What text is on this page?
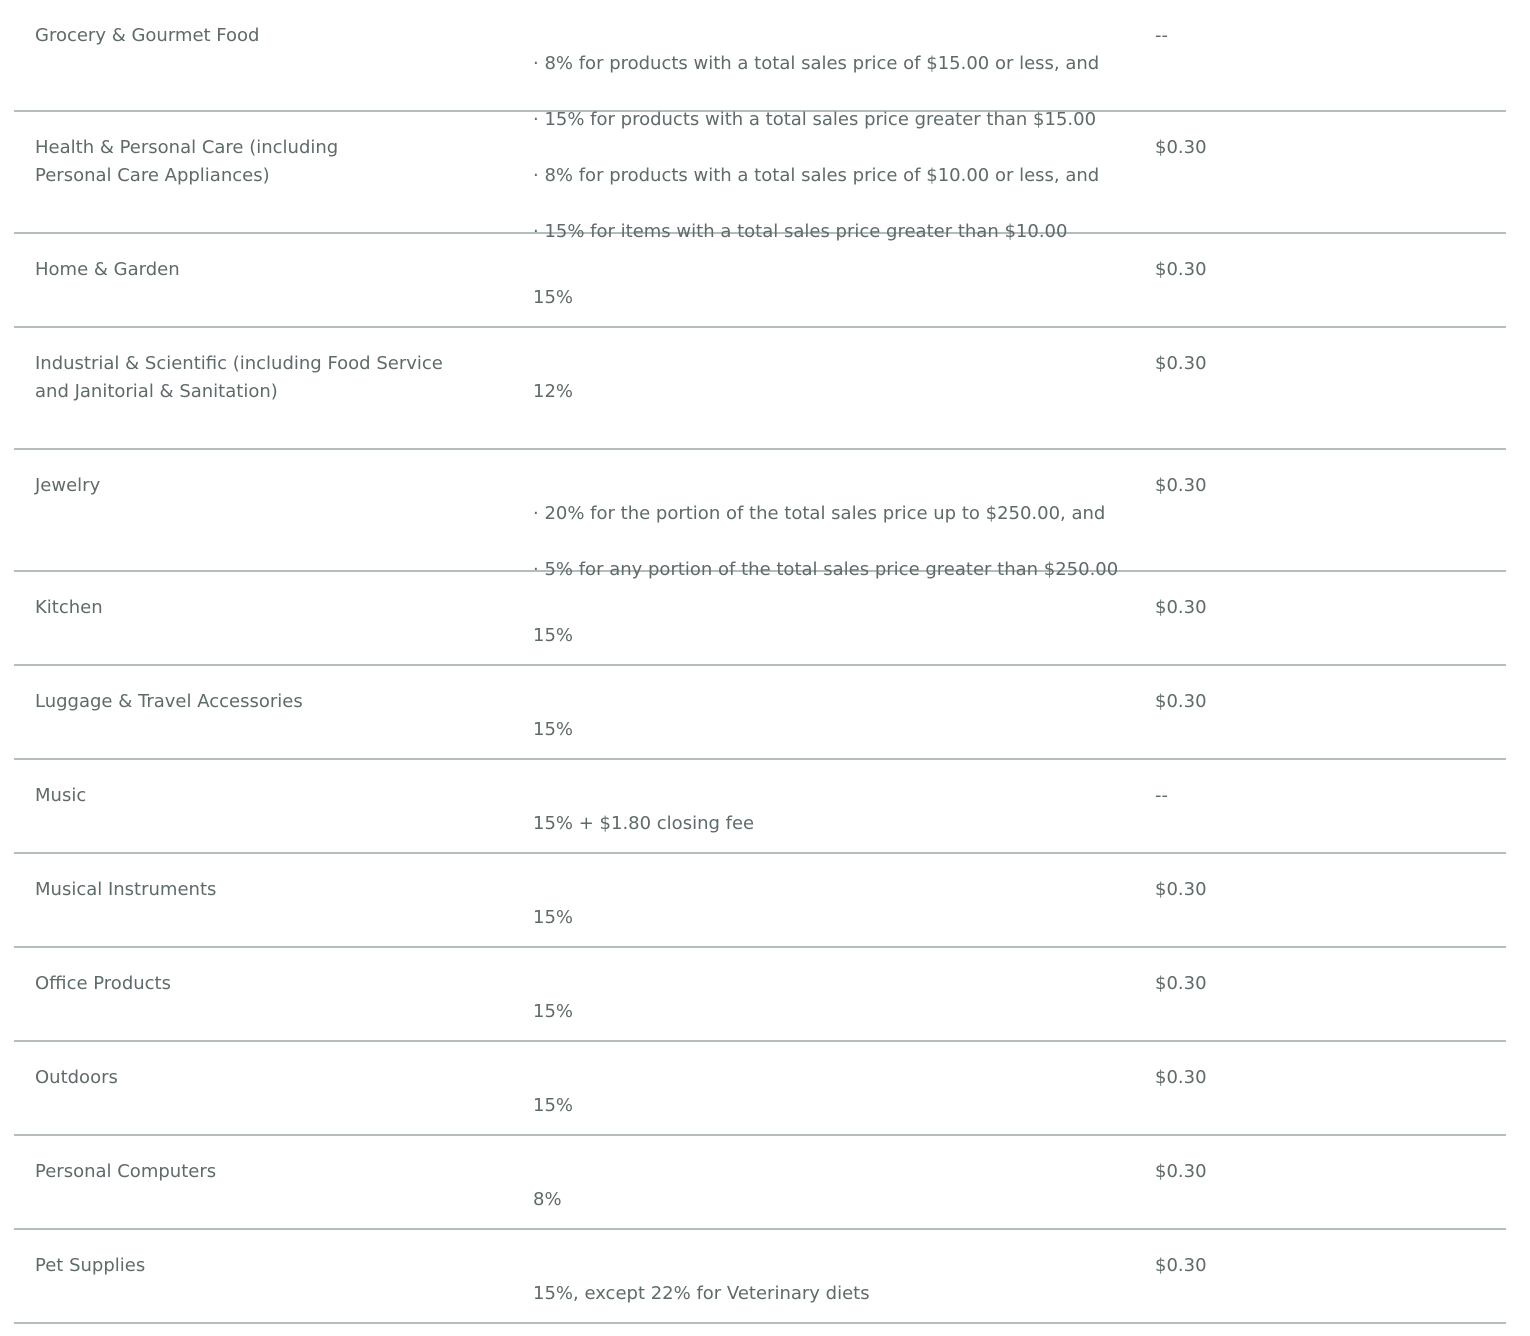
Grocery & Gourmet Food

· 8% for products with a total sales price of $15.00 or less, and

· 15% for products with a total sales price greater than $15.00

--
Health & Personal Care (including
Personal Care Appliances)	· 8% for products with a total sales price of $10.00 or less, and

· 15% for items with a total sales price greater than $10.00

$0.30
Home & Garden

15%

$0.30
Industrial & Scientific (including Food Service
and Janitorial & Sanitation)	12%

$0.30
Jewelry

· 20% for the portion of the total sales price up to $250.00, and

· 5% for any portion of the total sales price greater than $250.00

$0.30
Kitchen

15%

$0.30
Luggage & Travel Accessories

15%

$0.30
Music

15% + $1.80 closing fee

--
Musical Instruments

15%

$0.30
Office Products

15%

$0.30
Outdoors

15%

$0.30
Personal Computers

8%

$0.30
Pet Supplies

15%, except 22% for Veterinary diets

$0.30
